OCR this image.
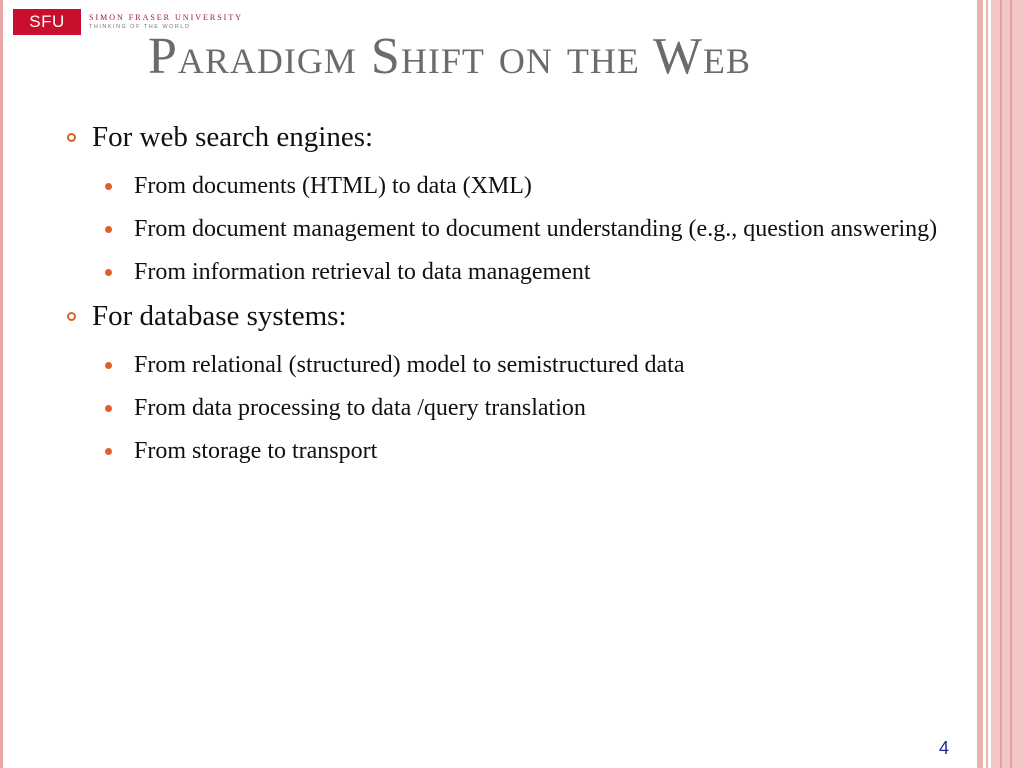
SFU	SIMON FRASER UNIVERSITY
THINKING OF THE WORLD
Paradigm Shift on the Web
For web search engines:
From documents (HTML) to data (XML)
From document management to document understanding (e.g., question answering)
From information retrieval to data management
For database systems:
From relational (structured) model to semistructured data
From data processing to data /query translation
From storage to transport
4
